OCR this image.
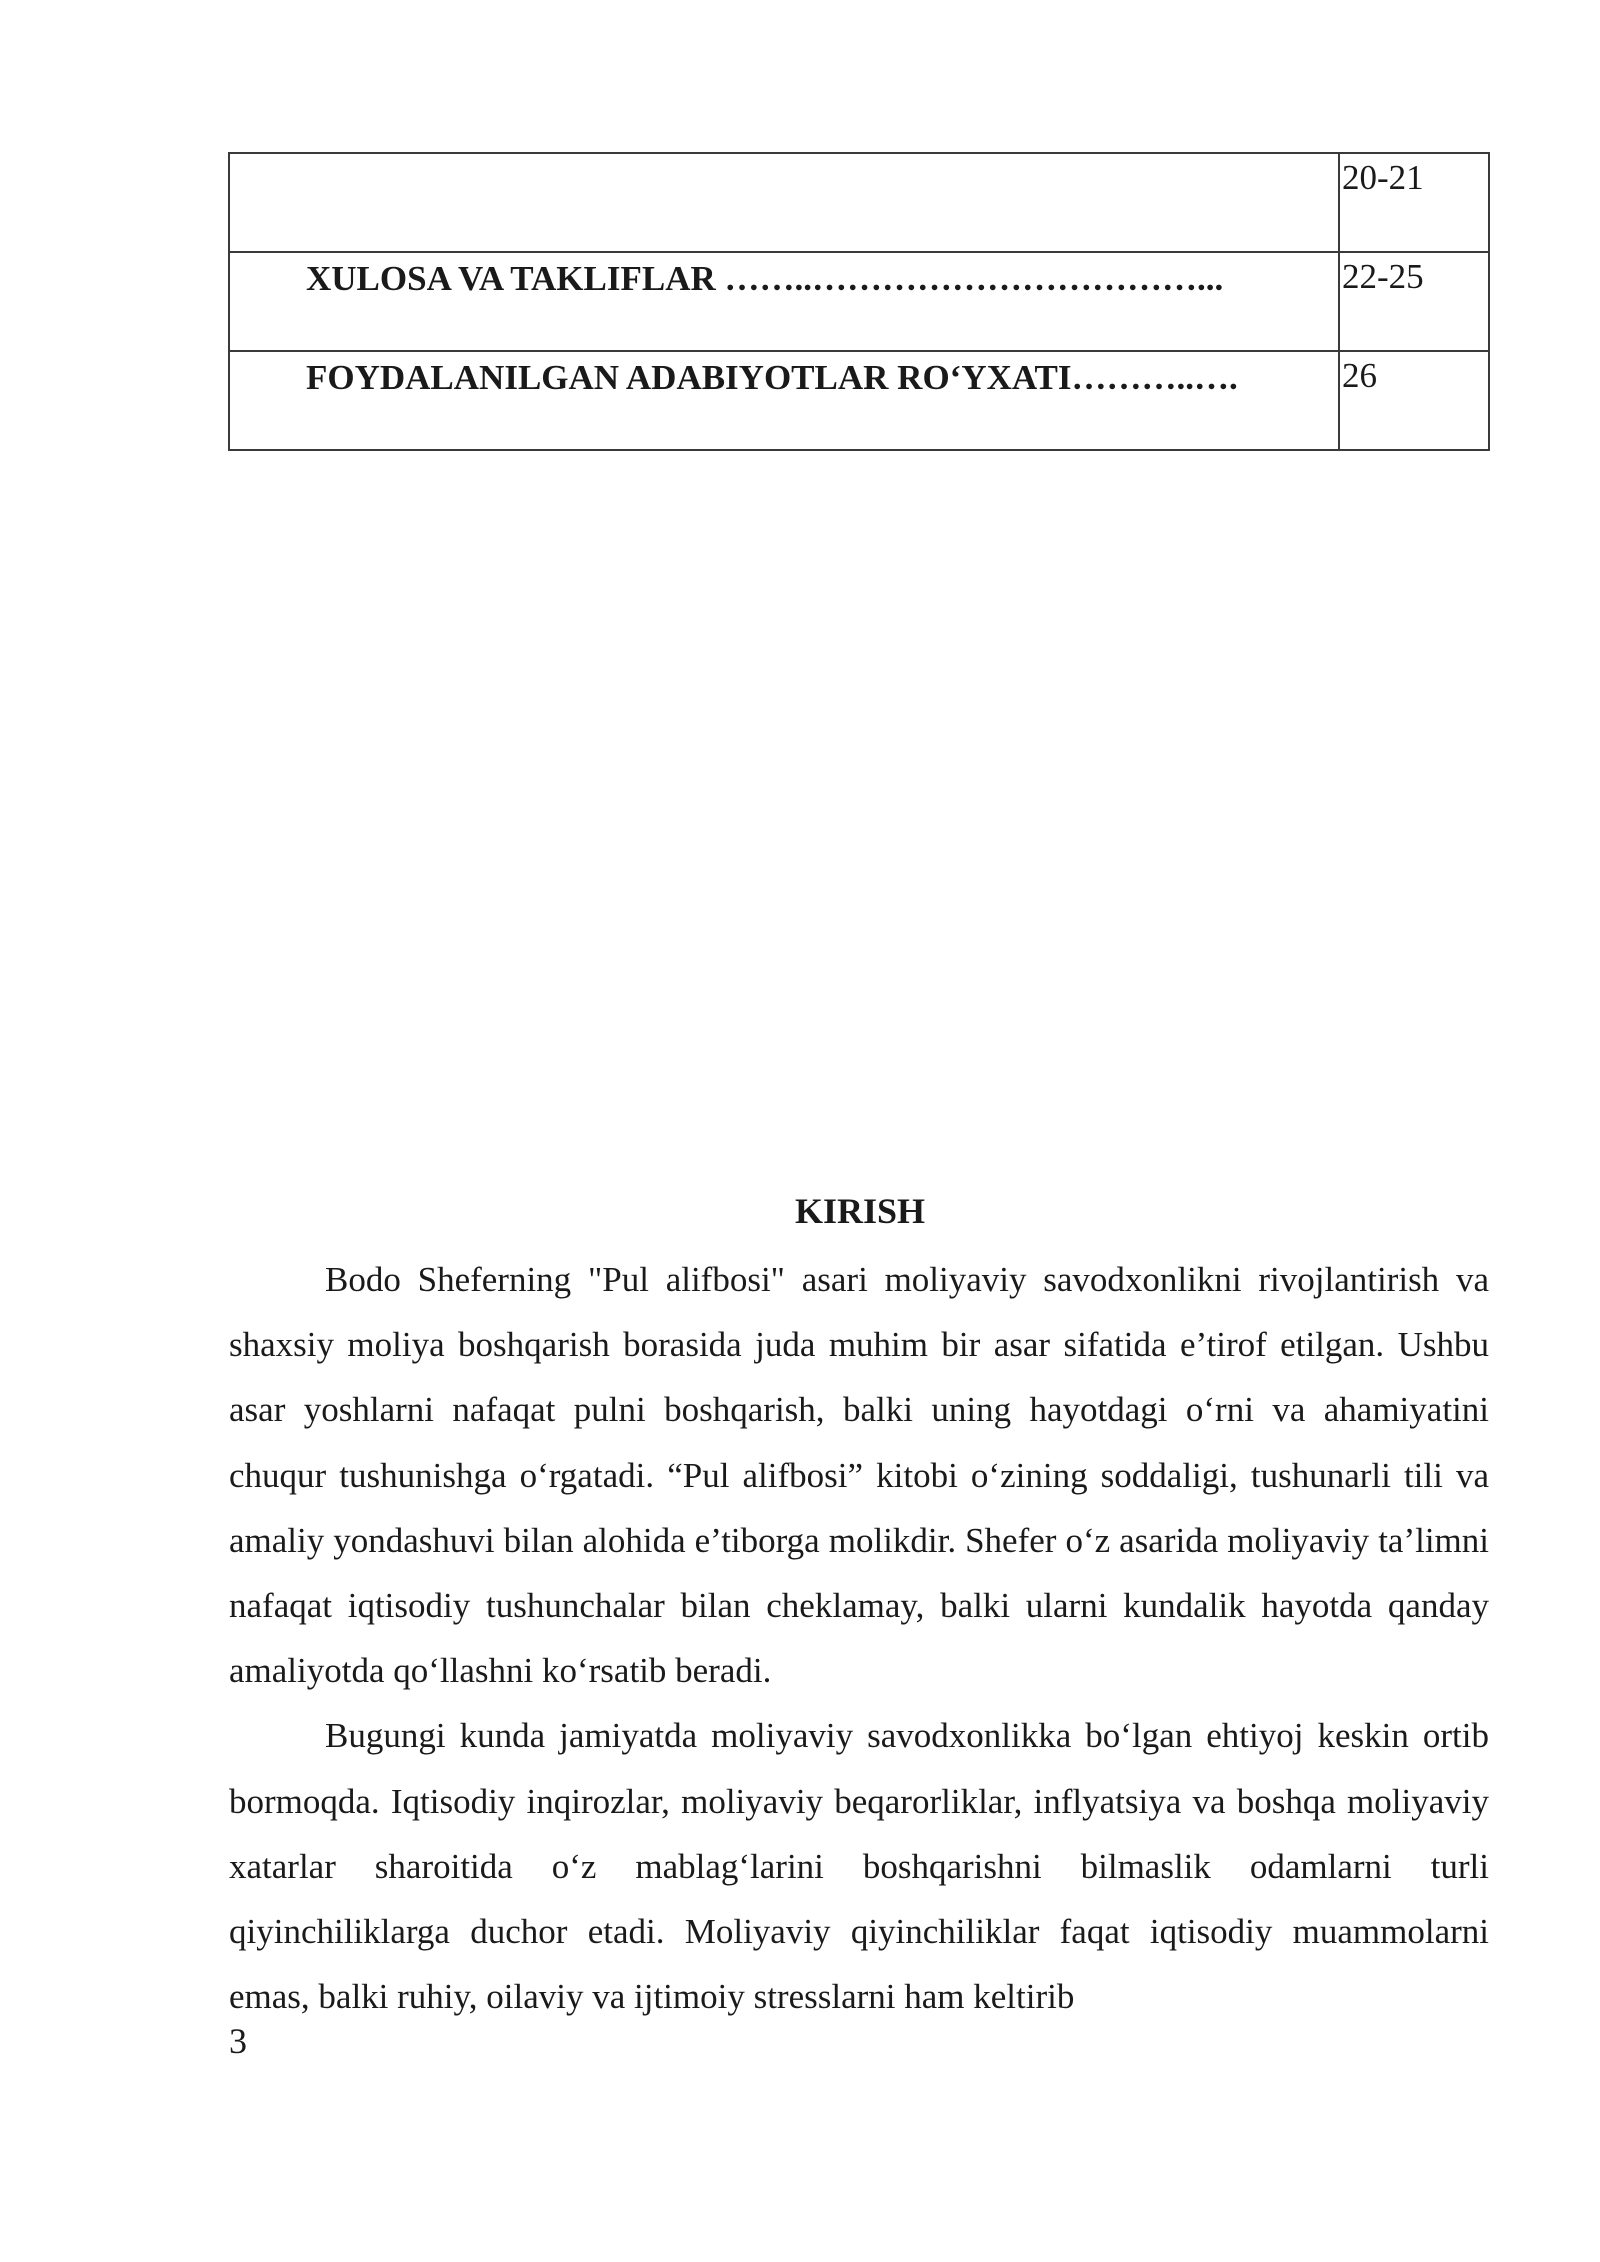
	20-21
XULOSA VA TAKLIFLAR ……..……………………………...	22-25
FOYDALANILGAN ADABIYOTLAR RO‘YXATI………..….	26
KIRISH

Bodo Sheferning "Pul alifbosi" asari moliyaviy savodxonlikni rivojlantirish va shaxsiy moliya boshqarish borasida juda muhim bir asar sifatida e’tirof etilgan. Ushbu asar yoshlarni nafaqat pulni boshqarish, balki uning hayotdagi o‘rni va ahamiyatini chuqur tushunishga o‘rgatadi. “Pul alifbosi” kitobi o‘zining soddaligi, tushunarli tili va amaliy yondashuvi bilan alohida e’tiborga molikdir. Shefer o‘z asarida moliyaviy ta’limni nafaqat iqtisodiy tushunchalar bilan cheklamay, balki ularni kundalik hayotda qanday amaliyotda qo‘llashni ko‘rsatib beradi.

Bugungi kunda jamiyatda moliyaviy savodxonlikka bo‘lgan ehtiyoj keskin ortib bormoqda. Iqtisodiy inqirozlar, moliyaviy beqarorliklar, inflyatsiya va boshqa moliyaviy xatarlar sharoitida o‘z mablag‘larini boshqarishni bilmaslik odamlarni turli qiyinchiliklarga duchor etadi. Moliyaviy qiyinchiliklar faqat iqtisodiy muammolarni emas, balki ruhiy, oilaviy va ijtimoiy stresslarni ham keltirib

3
